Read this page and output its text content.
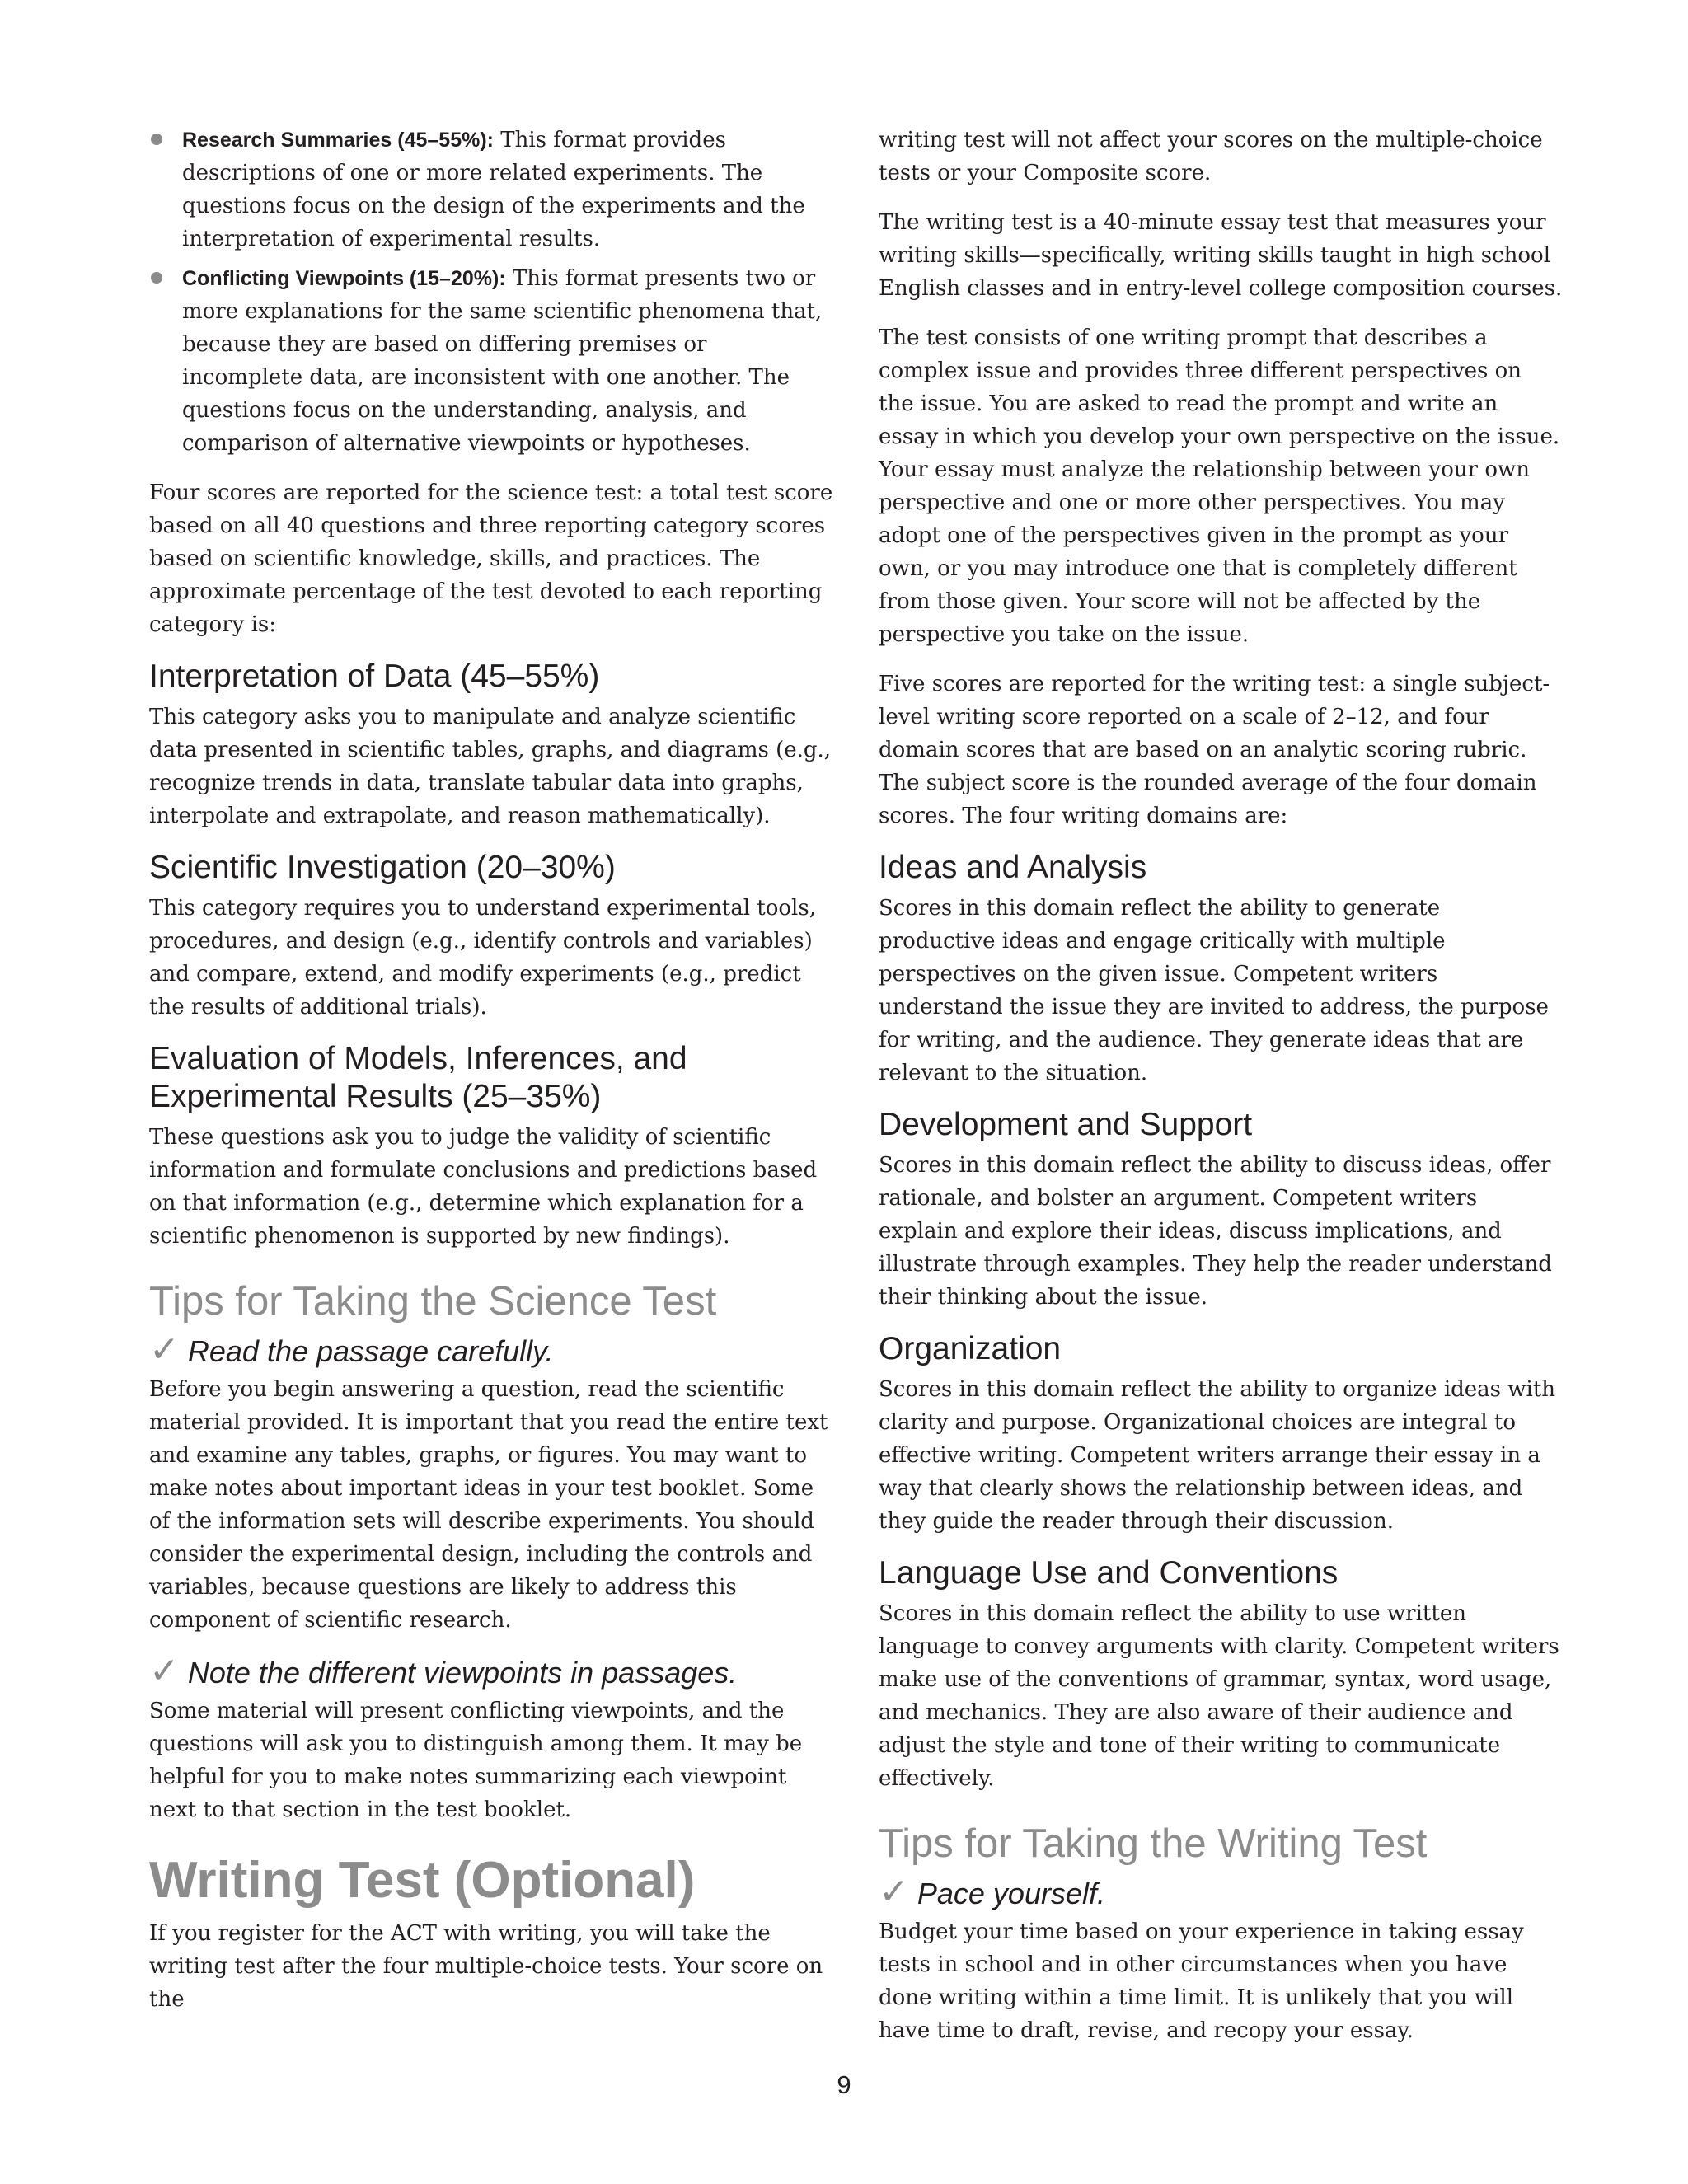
Research Summaries (45–55%): This format provides descriptions of one or more related experiments. The questions focus on the design of the experiments and the interpretation of experimental results.
Conflicting Viewpoints (15–20%): This format presents two or more explanations for the same scientific phenomena that, because they are based on differing premises or incomplete data, are inconsistent with one another. The questions focus on the understanding, analysis, and comparison of alternative viewpoints or hypotheses.

Four scores are reported for the science test: a total test score based on all 40 questions and three reporting category scores based on scientific knowledge, skills, and practices. The approximate percentage of the test devoted to each reporting category is:

Interpretation of Data (45–55%)

This category asks you to manipulate and analyze scientific data presented in scientific tables, graphs, and diagrams (e.g., recognize trends in data, translate tabular data into graphs, interpolate and extrapolate, and reason mathematically).

Scientific Investigation (20–30%)

This category requires you to understand experimental tools, procedures, and design (e.g., identify controls and variables) and compare, extend, and modify experiments (e.g., predict the results of additional trials).

Evaluation of Models, Inferences, and Experimental Results (25–35%)

These questions ask you to judge the validity of scientific information and formulate conclusions and predictions based on that information (e.g., determine which explanation for a scientific phenomenon is supported by new findings).

Tips for Taking the Science Test
✓ Read the passage carefully.

Before you begin answering a question, read the scientific material provided. It is important that you read the entire text and examine any tables, graphs, or figures. You may want to make notes about important ideas in your test booklet. Some of the information sets will describe experiments. You should consider the experimental design, including the controls and variables, because questions are likely to address this component of scientific research.

✓ Note the different viewpoints in passages.

Some material will present conflicting viewpoints, and the questions will ask you to distinguish among them. It may be helpful for you to make notes summarizing each viewpoint next to that section in the test booklet.

Writing Test (Optional)

If you register for the ACT with writing, you will take the writing test after the four multiple-choice tests. Your score on the

writing test will not affect your scores on the multiple-choice tests or your Composite score.

The writing test is a 40-minute essay test that measures your writing skills—specifically, writing skills taught in high school English classes and in entry-level college composition courses.

The test consists of one writing prompt that describes a complex issue and provides three different perspectives on the issue. You are asked to read the prompt and write an essay in which you develop your own perspective on the issue. Your essay must analyze the relationship between your own perspective and one or more other perspectives. You may adopt one of the perspectives given in the prompt as your own, or you may introduce one that is completely different from those given. Your score will not be affected by the perspective you take on the issue.

Five scores are reported for the writing test: a single subject-level writing score reported on a scale of 2–12, and four domain scores that are based on an analytic scoring rubric. The subject score is the rounded average of the four domain scores. The four writing domains are:

Ideas and Analysis

Scores in this domain reflect the ability to generate productive ideas and engage critically with multiple perspectives on the given issue. Competent writers understand the issue they are invited to address, the purpose for writing, and the audience. They generate ideas that are relevant to the situation.

Development and Support

Scores in this domain reflect the ability to discuss ideas, offer rationale, and bolster an argument. Competent writers explain and explore their ideas, discuss implications, and illustrate through examples. They help the reader understand their thinking about the issue.

Organization

Scores in this domain reflect the ability to organize ideas with clarity and purpose. Organizational choices are integral to effective writing. Competent writers arrange their essay in a way that clearly shows the relationship between ideas, and they guide the reader through their discussion.

Language Use and Conventions

Scores in this domain reflect the ability to use written language to convey arguments with clarity. Competent writers make use of the conventions of grammar, syntax, word usage, and mechanics. They are also aware of their audience and adjust the style and tone of their writing to communicate effectively.

Tips for Taking the Writing Test
✓ Pace yourself.

Budget your time based on your experience in taking essay tests in school and in other circumstances when you have done writing within a time limit. It is unlikely that you will have time to draft, revise, and recopy your essay.

9
